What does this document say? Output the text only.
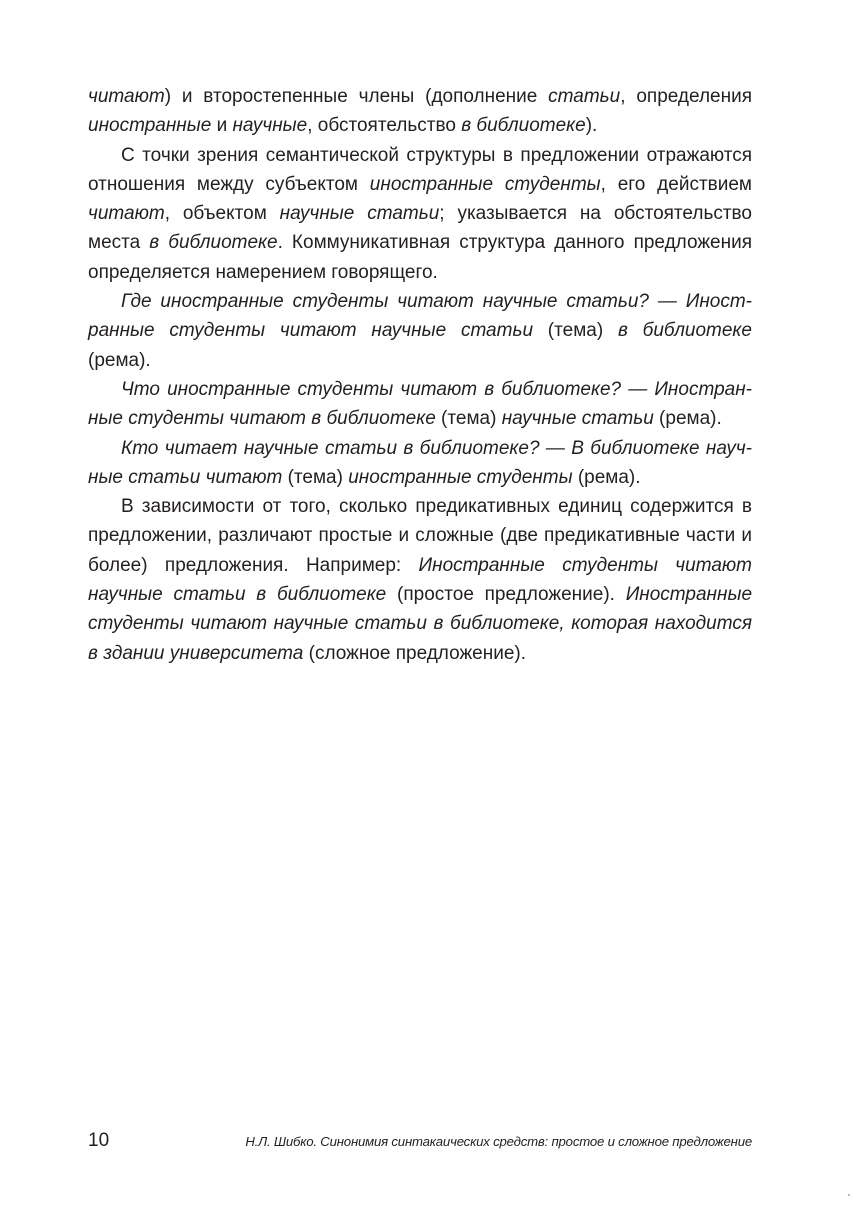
читают) и второстепенные члены (дополнение статьи, определения иностранные и научные, обстоятельство в библиотеке).

С точки зрения семантической структуры в предложении отражаются отношения между субъектом иностранные студенты, его действием читают, объектом научные статьи; указывается на обстоятельство места в библиотеке. Коммуникативная структура данного предложения определяется намерением говорящего.

Где иностранные студенты читают научные статьи? — Иностранные студенты читают научные статьи (тема) в библиотеке (рема).

Что иностранные студенты читают в библиотеке? — Иностранные студенты читают в библиотеке (тема) научные статьи (рема).

Кто читает научные статьи в библиотеке? — В библиотеке научные статьи читают (тема) иностранные студенты (рема).

В зависимости от того, сколько предикативных единиц содержится в предложении, различают простые и сложные (две предикативные части и более) предложения. Например: Иностранные студенты читают научные статьи в библиотеке (простое предложение). Иностранные студенты читают научные статьи в библиотеке, которая находится в здании университета (сложное предложение).

10	Н.Л. Шибко. Синонимия синтакаических средств: простое и сложное предложение
